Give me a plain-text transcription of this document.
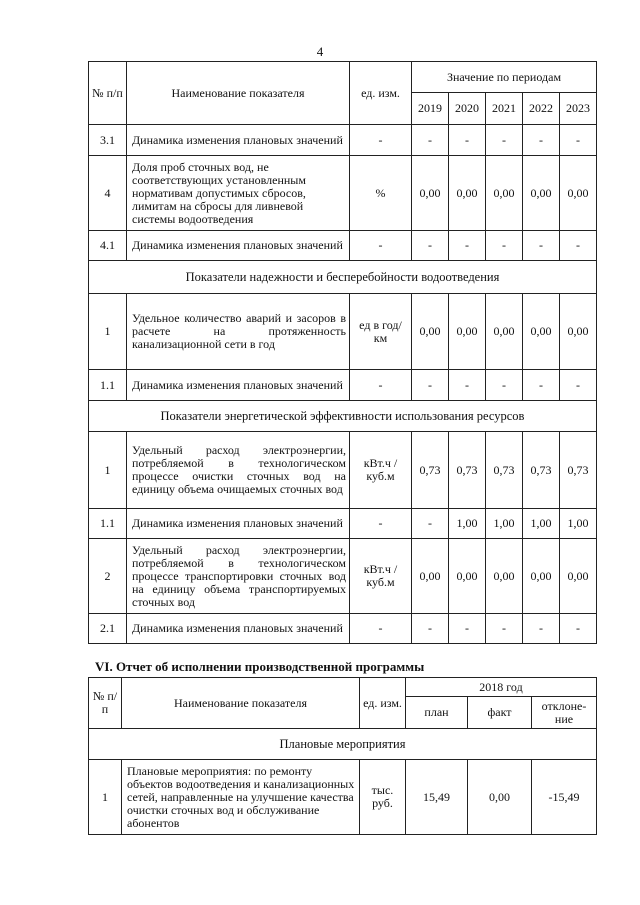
4
№ п/п	Наименование показателя	ед. изм.	Значение по периодам				
			2019	2020	2021	2022	2023
3.1	Динамика изменения плановых значений	-	-	-	-	-	-
4	Доля проб сточных вод, не соответствующих установленным нормативам допустимых сбросов, лимитам на сбросы для ливневой системы водоотведения	%	0,00	0,00	0,00	0,00	0,00
4.1	Динамика изменения плановых значений	-	-	-	-	-	-
Показатели надежности и бесперебойности водоотведения							
1	Удельное количество аварий и засоров в расчете на протяженность канализационной сети в год	ед в год/ км	0,00	0,00	0,00	0,00	0,00
1.1	Динамика изменения плановых значений	-	-	-	-	-	-
Показатели энергетической эффективности использования ресурсов							
1	Удельный расход электроэнергии, потребляемой в технологическом процессе очистки сточных вод на единицу объема очищаемых сточных вод	кВт.ч / куб.м	0,73	0,73	0,73	0,73	0,73
1.1	Динамика изменения плановых значений	-	-	1,00	1,00	1,00	1,00
2	Удельный расход электроэнергии, потребляемой в технологическом процессе транспортировки сточных вод на единицу объема транспортируемых сточных вод	кВт.ч / куб.м	0,00	0,00	0,00	0,00	0,00
2.1	Динамика изменения плановых значений	-	-	-	-	-	-
VI. Отчет об исполнении производственной программы
№ п/п	Наименование показателя	ед. изм.	2018 год		
			план	факт	отклоне-ние
Плановые мероприятия					
1	Плановые мероприятия: по ремонту объектов водоотведения и канализационных сетей, направленные на улучшение качества очистки сточных вод и обслуживание абонентов	тыс. руб.	15,49	0,00	-15,49
